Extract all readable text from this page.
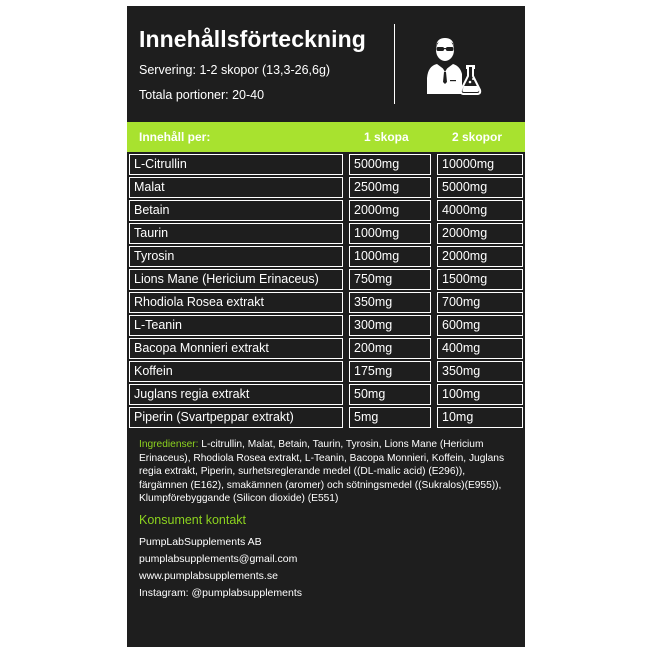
Innehållsförteckning
Servering: 1-2 skopor (13,3-26,6g)
Totala portioner: 20-40
Innehåll per:	1 skopa	2 skopor
L-Citrullin	5000mg	10000mg
Malat	2500mg	5000mg
Betain	2000mg	4000mg
Taurin	1000mg	2000mg
Tyrosin	1000mg	2000mg
Lions Mane (Hericium Erinaceus)	750mg	1500mg
Rhodiola Rosea extrakt	350mg	700mg
L-Teanin	300mg	600mg
Bacopa Monnieri extrakt	200mg	400mg
Koffein	175mg	350mg
Juglans regia extrakt	50mg	100mg
Piperin (Svartpeppar extrakt)	5mg	10mg
Ingredienser: L-citrullin, Malat, Betain, Taurin, Tyrosin, Lions Mane (Hericium Erinaceus), Rhodiola Rosea extrakt, L-Teanin, Bacopa Monnieri, Koffein, Juglans regia extrakt, Piperin, surhetsreglerande medel ((DL-malic acid) (E296)), färgämnen (E162), smakämnen (aromer) och sötningsmedel ((Sukralos)(E955)), Klumpförebyggande (Silicon dioxide) (E551)
Konsument kontakt
PumpLabSupplements AB
pumplabsupplements@gmail.com
www.pumplabsupplements.se
Instagram: @pumplabsupplements
